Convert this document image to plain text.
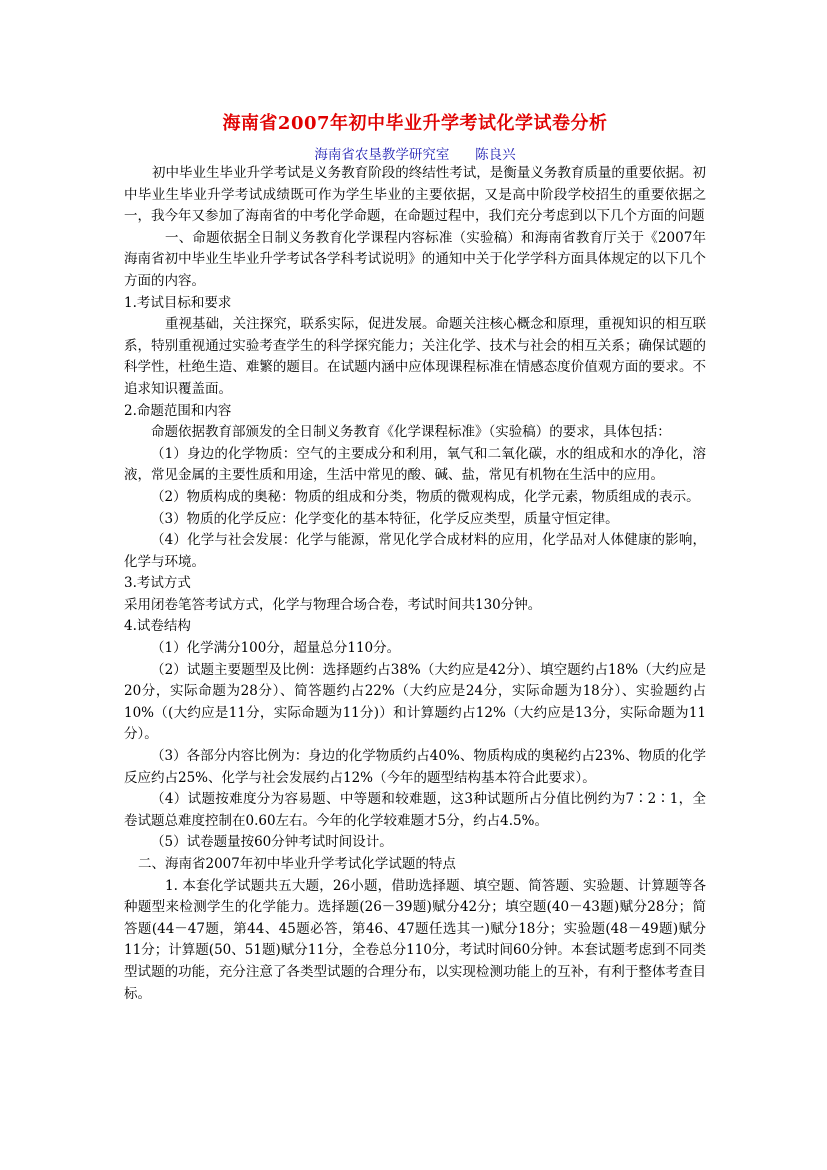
海南省2007年初中毕业升学考试化学试卷分析
海南省农垦教学研究室      陈良兴

初中毕业生毕业升学考试是义务教育阶段的终结性考试，是衡量义务教育质量的重要依据。初中毕业生毕业升学考试成绩既可作为学生毕业的主要依据，又是高中阶段学校招生的重要依据之一，我今年又参加了海南省的中考化学命题，在命题过程中，我们充分考虑到以下几个方面的问题

一、命题依据全日制义务教育化学课程内容标准（实验稿）和海南省教育厅关于《2007年海南省初中毕业生毕业升学考试各学科考试说明》的通知中关于化学学科方面具体规定的以下几个方面的内容。

1.考试目标和要求

重视基础，关注探究，联系实际，促进发展。命题关注核心概念和原理，重视知识的相互联系，特别重视通过实验考查学生的科学探究能力；关注化学、技术与社会的相互关系；确保试题的科学性，杜绝生造、难繁的题目。在试题内涵中应体现课程标准在情感态度价值观方面的要求。不追求知识覆盖面。

2.命题范围和内容

命题依据教育部颁发的全日制义务教育《化学课程标准》（实验稿）的要求，具体包括：

（1）身边的化学物质：空气的主要成分和利用，氧气和二氧化碳，水的组成和水的净化，溶液，常见金属的主要性质和用途，生活中常见的酸、碱、盐，常见有机物在生活中的应用。

（2）物质构成的奥秘：物质的组成和分类，物质的微观构成，化学元素，物质组成的表示。

（3）物质的化学反应：化学变化的基本特征，化学反应类型，质量守恒定律。

（4）化学与社会发展：化学与能源，常见化学合成材料的应用，化学品对人体健康的影响，化学与环境。

3.考试方式

采用闭卷笔答考试方式，化学与物理合场合卷，考试时间共130分钟。

4.试卷结构

（1）化学满分100分，超量总分110分。

（2）试题主要题型及比例：选择题约占38%（大约应是42分）、填空题约占18%（大约应是20分，实际命题为28分）、简答题约占22%（大约应是24分，实际命题为18分）、实验题约占10%（(大约应是11分，实际命题为11分)）和计算题约占12%（大约应是13分，实际命题为11分）。

（3）各部分内容比例为：身边的化学物质约占40%、物质构成的奥秘约占23%、物质的化学反应约占25%、化学与社会发展约占12%（今年的题型结构基本符合此要求）。

（4）试题按难度分为容易题、中等题和较难题，这3种试题所占分值比例约为7∶2∶1，全卷试题总难度控制在0.60左右。今年的化学较难题才5分，约占4.5%。

（5）试卷题量按60分钟考试时间设计。

二、海南省2007年初中毕业升学考试化学试题的特点

1. 本套化学试题共五大题，26小题，借助选择题、填空题、简答题、实验题、计算题等各种题型来检测学生的化学能力。选择题(26－39题)赋分42分；填空题(40－43题)赋分28分；简答题(44－47题，第44、45题必答，第46、47题任选其一)赋分18分；实验题(48－49题)赋分11分；计算题(50、51题)赋分11分，全卷总分110分，考试时间60分钟。本套试题考虑到不同类型试题的功能，充分注意了各类型试题的合理分布，以实现检测功能上的互补，有利于整体考查目标。
